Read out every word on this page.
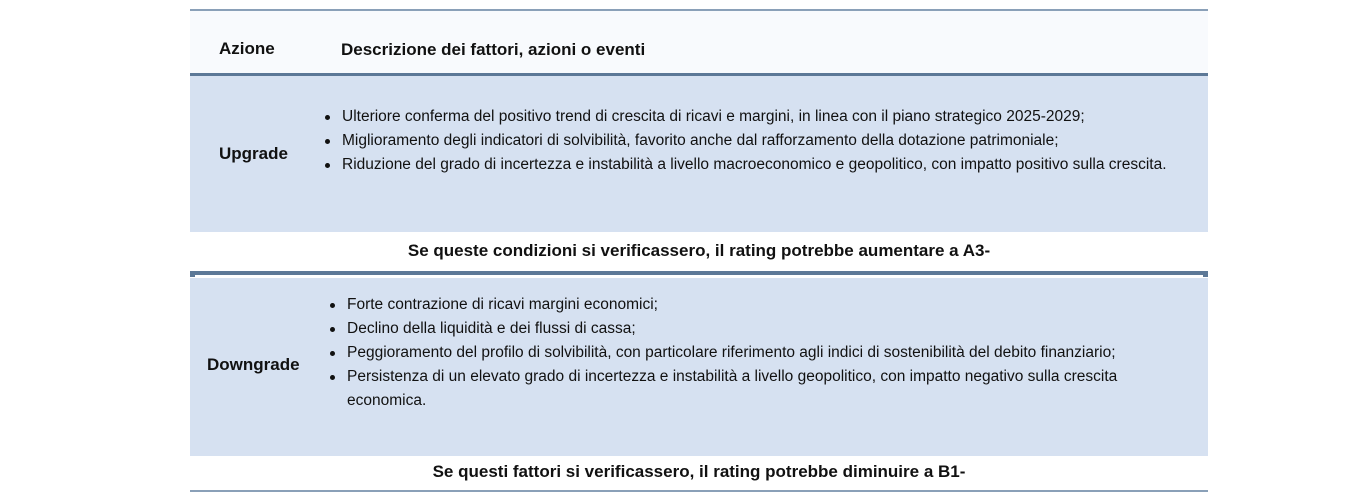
Azione	Descrizione dei fattori, azioni o eventi
Upgrade
Ulteriore conferma del positivo trend di crescita di ricavi e margini, in linea con il piano strategico 2025-2029;
Miglioramento degli indicatori di solvibilità, favorito anche dal rafforzamento della dotazione patrimoniale;
Riduzione del grado di incertezza e instabilità a livello macroeconomico e geopolitico, con impatto positivo sulla crescita.
Se queste condizioni si verificassero, il rating potrebbe aumentare a A3-
Downgrade
Forte contrazione di ricavi margini economici;
Declino della liquidità e dei flussi di cassa;
Peggioramento del profilo di solvibilità, con particolare riferimento agli indici di sostenibilità del debito finanziario;
Persistenza di un elevato grado di incertezza e instabilità a livello geopolitico, con impatto negativo sulla crescita economica.
Se questi fattori si verificassero, il rating potrebbe diminuire a B1-
